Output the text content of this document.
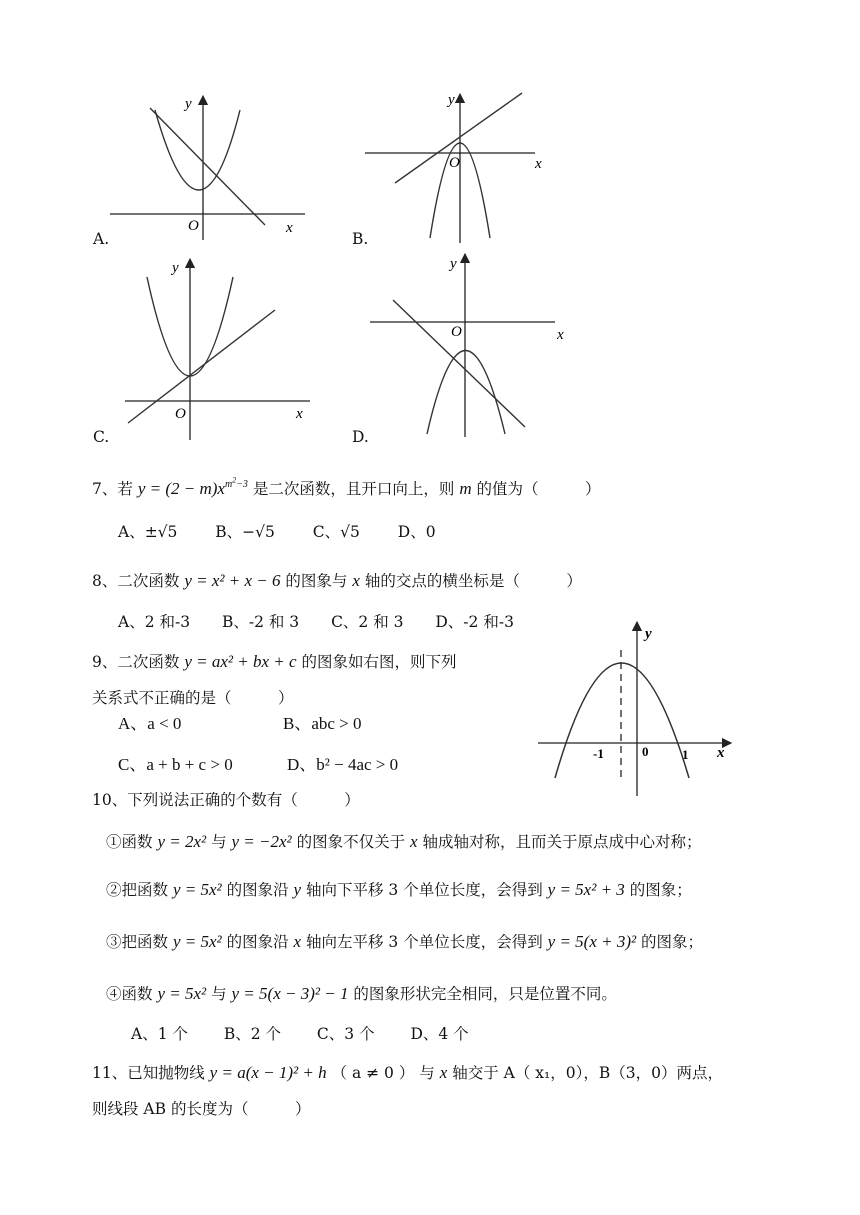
y
x
O
A.
y
x
O
B.
y
x
O
C.
y
x
O
D.
7、若 $y = (2 - m)x^{m^2-3}$ 是二次函数，且开口向上，则 m 的值为（　　　）
A、±√5 B、−√5 C、√5 D、0
8、二次函数 y = x² + x − 6 的图象与 x 轴的交点的横坐标是（　　　）
A、2 和-3 B、-2 和 3 C、2 和 3 D、-2 和-3
9、二次函数 y = ax² + bx + c 的图象如右图，则下列
关系式不正确的是（　　　）
A、a < 0	B、abc > 0
C、a + b + c > 0	D、b² − 4ac > 0
y
x
-1	0	1
10、下列说法正确的个数有（　　　）
①函数 y = 2x² 与 y = −2x² 的图象不仅关于 x 轴成轴对称，且而关于原点成中心对称；
②把函数 y = 5x² 的图象沿 y 轴向下平移 3 个单位长度，会得到 y = 5x² + 3 的图象；
③把函数 y = 5x² 的图象沿 x 轴向左平移 3 个单位长度，会得到 y = 5(x + 3)² 的图象；
④函数 y = 5x² 与 y = 5(x − 3)² − 1 的图象形状完全相同，只是位置不同。
A、1 个 B、2 个 C、3 个 D、4 个
11、已知抛物线 y = a(x − 1)² + h （ a ≠ 0 ） 与 x 轴交于 A（ x₁，0），B（3，0）两点，
则线段 AB 的长度为（　　　）
